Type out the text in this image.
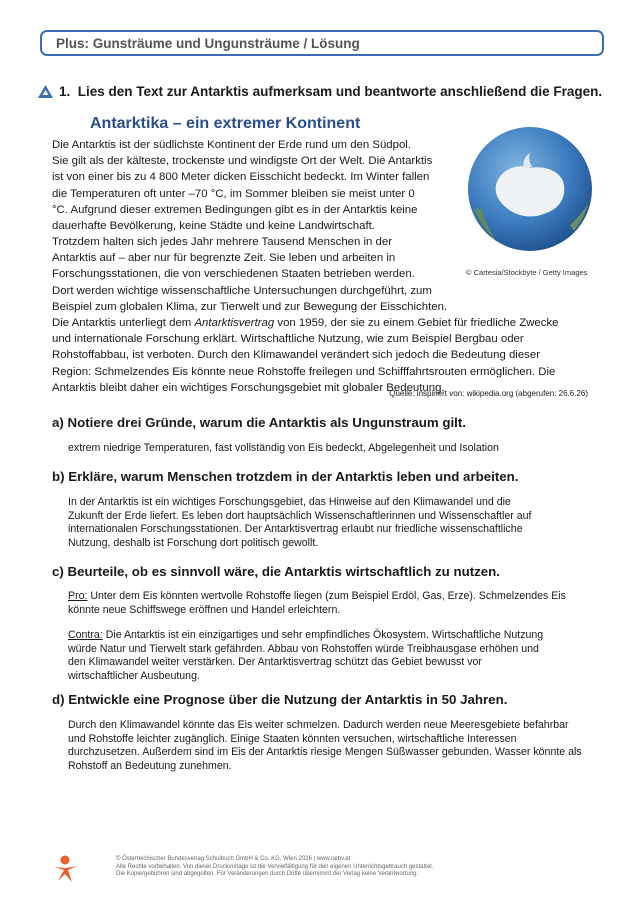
Plus: Gunsträume und Ungunsträume / Lösung
1. Lies den Text zur Antarktis aufmerksam und beantworte anschließend die Fragen.
Antarktika – ein extremer Kontinent
Die Antarktis ist der südlichste Kontinent der Erde rund um den Südpol.
Sie gilt als der kälteste, trockenste und windigste Ort der Welt. Die Antarktis
ist von einer bis zu 4 800 Meter dicken Eisschicht bedeckt. Im Winter fallen
die Temperaturen oft unter –70 °C, im Sommer bleiben sie meist unter 0
°C. Aufgrund dieser extremen Bedingungen gibt es in der Antarktis keine
dauerhafte Bevölkerung, keine Städte und keine Landwirtschaft.
Trotzdem halten sich jedes Jahr mehrere Tausend Menschen in der
Antarktis auf – aber nur für begrenzte Zeit. Sie leben und arbeiten in
Forschungsstationen, die von verschiedenen Staaten betrieben werden.
Dort werden wichtige wissenschaftliche Untersuchungen durchgeführt, zum
Beispiel zum globalen Klima, zur Tierwelt und zur Bewegung der Eisschichten.
Die Antarktis unterliegt dem Antarktisvertrag von 1959, der sie zu einem Gebiet für friedliche Zwecke
und internationale Forschung erklärt. Wirtschaftliche Nutzung, wie zum Beispiel Bergbau oder
Rohstoffabbau, ist verboten. Durch den Klimawandel verändert sich jedoch die Bedeutung dieser
Region: Schmelzendes Eis könnte neue Rohstoffe freilegen und Schifffahrtsrouten ermöglichen. Die
Antarktis bleibt daher ein wichtiges Forschungsgebiet mit globaler Bedeutung.
© Cartesia/Stockbyte / Getty Images
Quelle: inspiriert von: wikipedia.org (abgerufen: 26.6.26)
a) Notiere drei Gründe, warum die Antarktis als Ungunstraum gilt.
extrem niedrige Temperaturen, fast vollständig von Eis bedeckt, Abgelegenheit und Isolation
b) Erkläre, warum Menschen trotzdem in der Antarktis leben und arbeiten.
In der Antarktis ist ein wichtiges Forschungsgebiet, das Hinweise auf den Klimawandel und die
Zukunft der Erde liefert. Es leben dort hauptsächlich Wissenschaftlerinnen und Wissenschaftler auf
internationalen Forschungsstationen. Der Antarktisvertrag erlaubt nur friedliche wissenschaftliche
Nutzung, deshalb ist Forschung dort politisch gewollt.
c) Beurteile, ob es sinnvoll wäre, die Antarktis wirtschaftlich zu nutzen.
Pro: Unter dem Eis könnten wertvolle Rohstoffe liegen (zum Beispiel Erdöl, Gas, Erze). Schmelzendes Eis
könnte neue Schiffswege eröffnen und Handel erleichtern.
Contra: Die Antarktis ist ein einzigartiges und sehr empfindliches Ökosystem. Wirtschaftliche Nutzung
würde Natur und Tierwelt stark gefährden. Abbau von Rohstoffen würde Treibhausgase erhöhen und
den Klimawandel weiter verstärken. Der Antarktisvertrag schützt das Gebiet bewusst vor
wirtschaftlicher Ausbeutung.
d) Entwickle eine Prognose über die Nutzung der Antarktis in 50 Jahren.
Durch den Klimawandel könnte das Eis weiter schmelzen. Dadurch werden neue Meeresgebiete befahrbar
und Rohstoffe leichter zugänglich. Einige Staaten könnten versuchen, wirtschaftliche Interessen
durchzusetzen. Außerdem sind im Eis der Antarktis riesige Mengen Süßwasser gebunden. Wasser könnte als
Rohstoff an Bedeutung zunehmen.
© Österreichischer Bundesverlag Schulbuch GmbH & Co. KG, Wien 2026 | www.oebv.at
Alle Rechte vorbehalten. Von dieser Druckvorlage ist die Vervielfältigung für den eigenen Unterrichtsgebrauch gestattet.
Die Kopiergebühren sind abgegolten. Für Veränderungen durch Dritte übernimmt der Verlag keine Verantwortung.
